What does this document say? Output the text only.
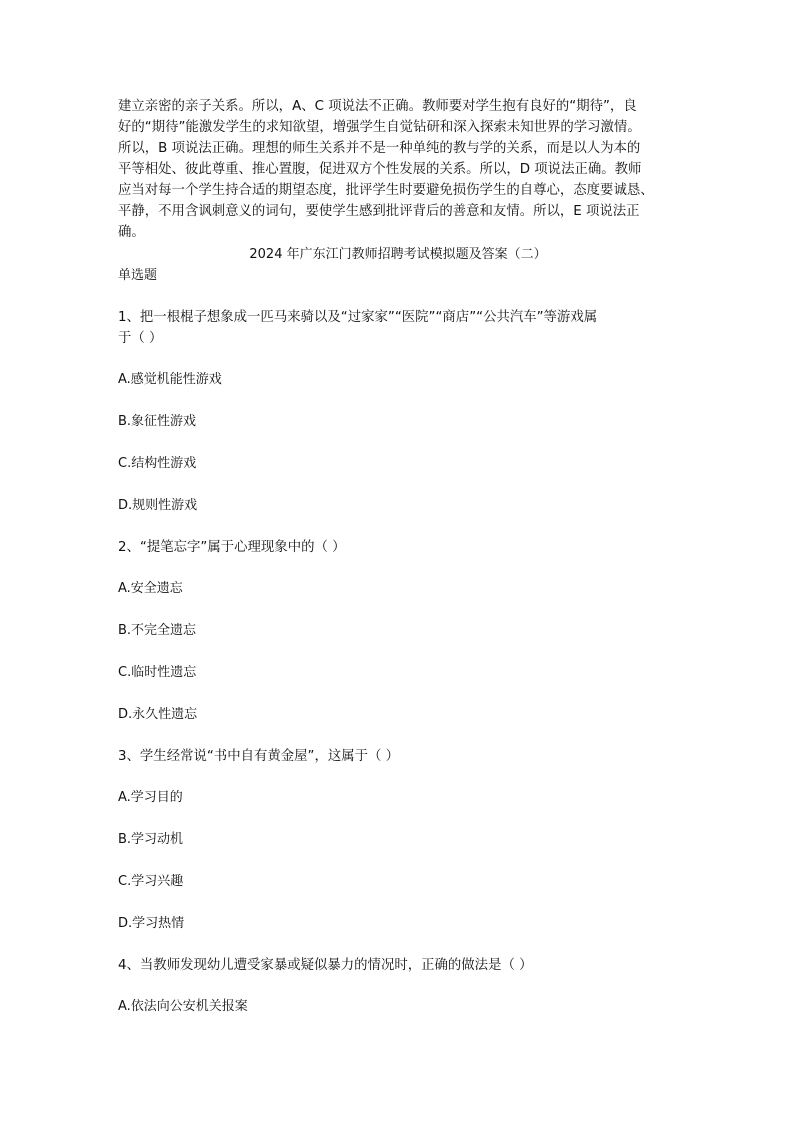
建立亲密的亲子关系。所以，A、C 项说法不正确。教师要对学生抱有良好的“期待”，良

好的“期待”能激发学生的求知欲望，增强学生自觉钻研和深入探索未知世界的学习激情。

所以，B 项说法正确。理想的师生关系并不是一种单纯的教与学的关系，而是以人为本的

平等相处、彼此尊重、推心置腹，促进双方个性发展的关系。所以，D 项说法正确。教师

应当对每一个学生持合适的期望态度，批评学生时要避免损伤学生的自尊心，态度要诚恳、

平静，不用含讽刺意义的词句，要使学生感到批评背后的善意和友情。所以，E 项说法正

确。

2024 年广东江门教师招聘考试模拟题及答案（二）

单选题

1、把一根棍子想象成一匹马来骑以及“过家家”“医院”“商店”“公共汽车”等游戏属

于（ ）

A.感觉机能性游戏

B.象征性游戏

C.结构性游戏

D.规则性游戏

2、“提笔忘字”属于心理现象中的（ ）

A.安全遗忘

B.不完全遗忘

C.临时性遗忘

D.永久性遗忘

3、学生经常说“书中自有黄金屋”，这属于（ ）

A.学习目的

B.学习动机

C.学习兴趣

D.学习热情

4、当教师发现幼儿遭受家暴或疑似暴力的情况时，正确的做法是（ ）

A.依法向公安机关报案
